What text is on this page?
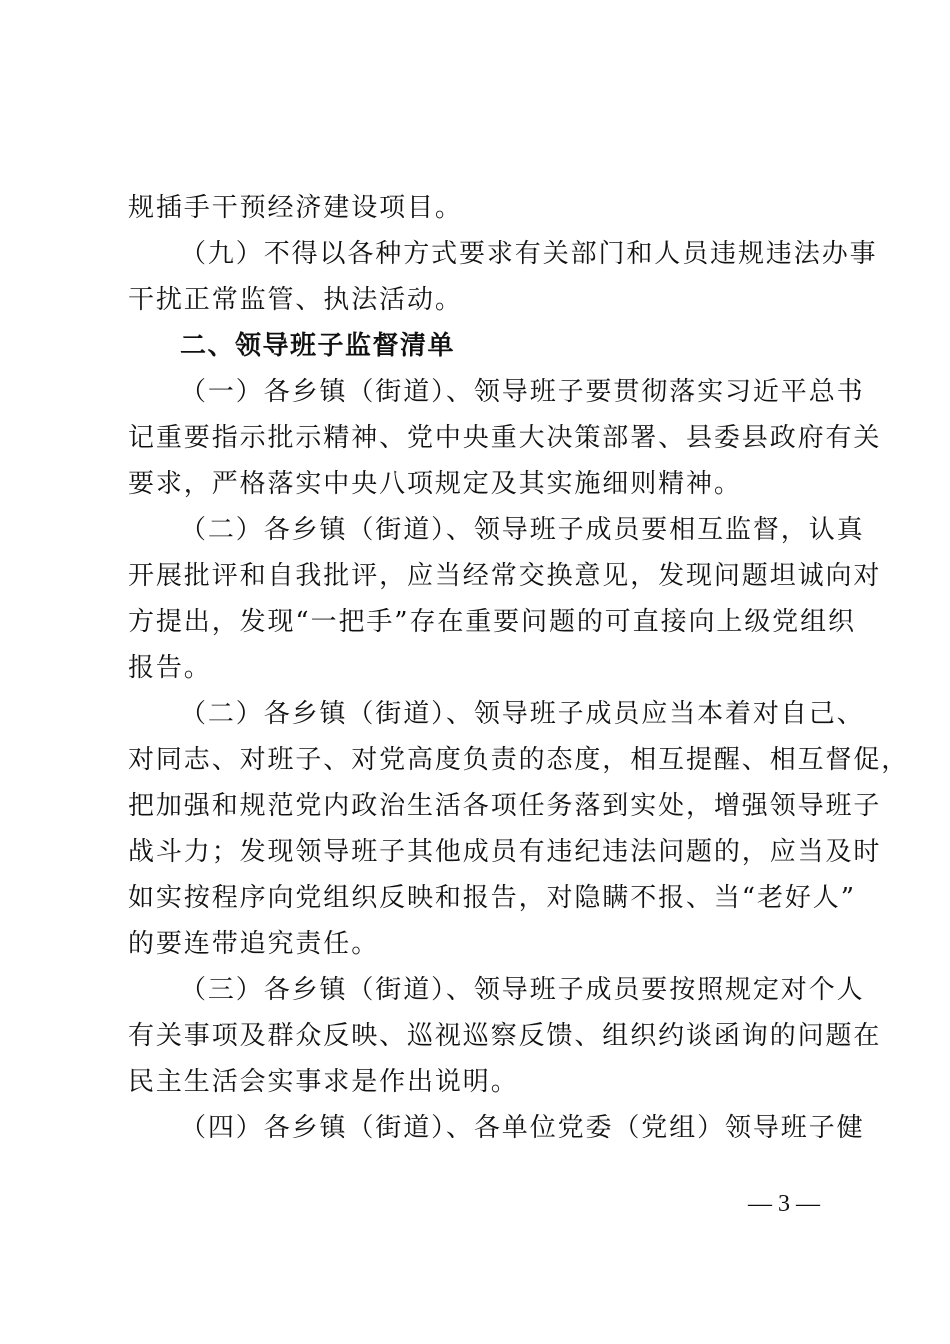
规插手干预经济建设项目。
（九）不得以各种方式要求有关部门和人员违规违法办事
干扰正常监管、执法活动。
二、领导班子监督清单
（一）各乡镇（街道）、领导班子要贯彻落实习近平总书
记重要指示批示精神、党中央重大决策部署、县委县政府有关
要求，严格落实中央八项规定及其实施细则精神。
（二）各乡镇（街道）、领导班子成员要相互监督，认真
开展批评和自我批评，应当经常交换意见，发现问题坦诚向对
方提出，发现“一把手”存在重要问题的可直接向上级党组织
报告。
（二）各乡镇（街道）、领导班子成员应当本着对自己、
对同志、对班子、对党高度负责的态度，相互提醒、相互督促，
把加强和规范党内政治生活各项任务落到实处，增强领导班子
战斗力；发现领导班子其他成员有违纪违法问题的，应当及时
如实按程序向党组织反映和报告，对隐瞒不报、当“老好人”
的要连带追究责任。
（三）各乡镇（街道）、领导班子成员要按照规定对个人
有关事项及群众反映、巡视巡察反馈、组织约谈函询的问题在
民主生活会实事求是作出说明。
（四）各乡镇（街道）、各单位党委（党组）领导班子健
— 3 —
